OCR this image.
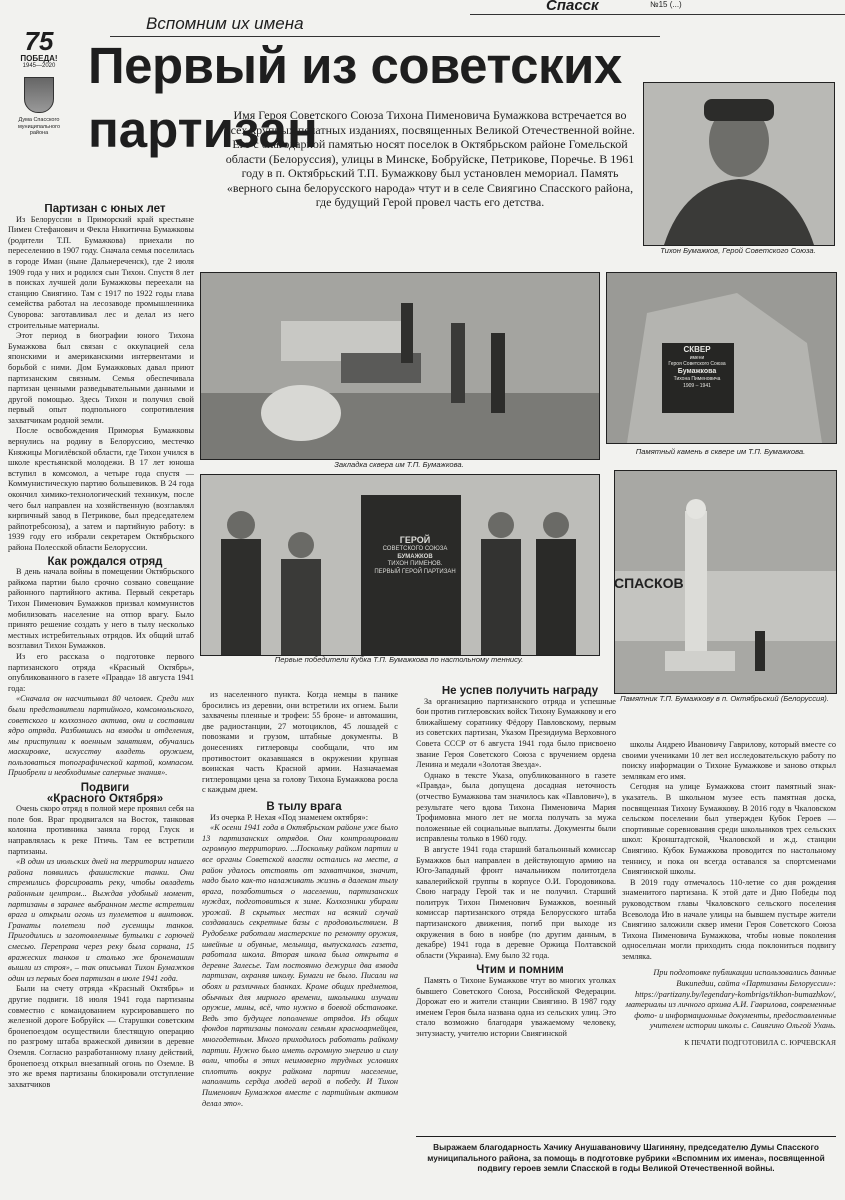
Спасск	№15 (...)
75
ПОБЕДА!
1945—2020
Дума Спасского муниципального района
Вспомним их имена
Первый из советских
партизан
Имя Героя Советского Союза Тихона Пименовича Бумажкова встречается во всех крупных печатных изданиях, посвященных Великой Отечественной войне. Его с благодарной памятью носят поселок в Октябрьском районе Гомельской области (Белоруссия), улицы в Минске, Бобруйске, Петрикове, Поречье. В 1961 году в п. Октябрьский Т.П. Бумажкову был установлен мемориал. Память «верного сына белорусского народа» чтут и в селе Свиягино Спасского района, где будущий Герой провел часть его детства.
Тихон Бумажков, Герой Советского Союза.

Партизан с юных лет

Из Белоруссии в Приморский край крестьяне Пимен Стефанович и Фекла Никитична Бумажковы (родители Т.П. Бумажкова) приехали по переселению в 1907 году. Сначала семья поселилась в городе Иман (ныне Дальнереченск), где 2 июля 1909 года у них и родился сын Тихон. Спустя 8 лет в поисках лучшей доли Бумажковы переехали на станцию Свиягино. Там с 1917 по 1922 годы глава семейства работал на лесозаводе промышленника Суворова: заготавливал лес и делал из него строительные материалы.

Этот период в биографии юного Тихона Бумажкова был связан с оккупацией села японскими и американскими интервентами и борьбой с ними. Дом Бумажковых давал приют партизанским связным. Семья обеспечивала партизан ценными разведывательными данными и другой помощью. Здесь Тихон и получил свой первый опыт подпольного сопротивления захватчикам родной земли.

После освобождения Приморья Бумажковы вернулись на родину в Белоруссию, местечко Княжицы Могилёвской области, где Тихон учился в школе крестьянской молодежи. В 17 лет юноша вступил в комсомол, а четыре года спустя — Коммунистическую партию большевиков. В 24 года окончил химико-технологический техникум, после чего был направлен на хозяйственную (возглавлял кирпичный завод в Петрикове, был председателем райпотребсоюза), а затем и партийную работу: в 1939 году его избрали секретарем Октябрьского района Полесской области Белоруссии.

Как рождался отряд

В день начала войны в помещении Октябрьского райкома партии было срочно созвано совещание районного партийного актива. Первый секретарь Тихон Пименович Бумажков призвал коммунистов мобилизовать население на отпор врагу. Было принято решение создать у него в тылу несколько местных истребительных отрядов. Их общий штаб возглавил Тихон Бумажков.

Из его рассказа о подготовке первого партизанского отряда «Красный Октябрь», опубликованного в газете «Правда» 18 августа 1941 года:

«Сначала он насчитывал 80 человек. Среди них были представители партийного, комсомольского, советского и колхозного актива, они и составили ядро отряда. Разбившись на взводы и отделения, мы приступили к военным занятиям, обучались маскировке, искусству владеть оружием, пользоваться топографической картой, компасом. Приобрели и необходимые саперные знания».

Подвиги

«Красного Октября»

Очень скоро отряд в полной мере проявил себя на поле боя. Враг продвигался на Восток, танковая колонна противника заняла город Глуск и направлялась к реке Птичь. Там ее встретили партизаны.

«В один из июльских дней на территории нашего района появились фашистские танки. Они стремились форсировать реку, чтобы овладеть районным центром... Выждав удобный момент, партизаны в заранее выбранном месте встретили врага и открыли огонь из пулеметов и винтовок. Гранаты полетели под гусеницы танков. Пригодились и заготовленные бутылки с горючей смесью. Переправа через реку была сорвана, 15 вражеских танков и столько же бронемашин вышли из строя», – так описывал Тихон Бумажков один из первых боев партизан в июле 1941 года.

Были на счету отряда «Красный Октябрь» и другие подвиги. 18 июля 1941 года партизаны совместно с командованием курсировавшего по железной дороге Бобруйск — Старушки советским бронепоездом осуществили блестящую операцию по разгрому штаба вражеской дивизии в деревне Оземля. Согласно разработанному плану действий, бронепоезд открыл внезапный огонь по Оземле. В это же время партизаны блокировали отступление захватчиков

Закладка сквера им Т.П. Бумажкова.
СКВЕР
имени
Героя Советского Союза
Бумажкова
Тихона Пименовича
1909 – 1941
Памятный камень в сквере им Т.П. Бумажкова.
ГЕРОЙ
СОВЕТСКОГО СОЮЗА
БУМАЖКОВ
ТИХОН ПИМЕНОВ.
ПЕРВЫЙ ГЕРОЙ ПАРТИЗАН
Первые победители Кубка Т.П. Бумажкова по настольному теннису.
СПАСКОВ
Памятник Т.П. Бумажкову в п. Октябрьский (Белоруссия).

из населенного пункта. Когда немцы в панике бросились из деревни, они встретили их огнем. Были захвачены пленные и трофеи: 55 броне- и автомашин, две радиостанции, 27 мотоциклов, 45 лошадей с повозками и грузом, штабные документы. В донесениях гитлеровцы сообщали, что им противостоит оказавшаяся в окружении крупная воинская часть Красной армии. Назначаемая гитлеровцами цена за голову Тихона Бумажкова росла с каждым днем.

В тылу врага

Из очерка Р. Нехая «Под знаменем октября»:

«К осени 1941 года в Октябрьском районе уже было 13 партизанских отрядов. Они контролировали огромную территорию. ...Поскольку райком партии и все органы Советской власти остались на месте, а район удалось отстоять от захватчиков, значит, надо было как-то налаживать жизнь в далеком тылу врага, позаботиться о населении, партизанских нуждах, подготовиться к зиме. Колхозники убирали урожай. В скрытых местах на всякий случай создавались секретные базы с продовольствием. В Рудобелке работали мастерские по ремонту оружия, швейные и обувные, мельница, выпускалась газета, работала школа. Вторая школа была открыта в деревне Залесье. Там постоянно дежурил два взвода партизан, охраняя школу. Бумаги не было. Писали на обоях и различных бланках. Кроме общих предметов, обычных для мирного времени, школьники изучали оружие, мины, всё, что нужно в боевой обстановке. Ведь это будущее пополнение отрядов. Из общих фондов партизаны помогали семьям красноармейцев, многодетным. Много приходилось работать райкому партии. Нужно было иметь огромную энергию и силу воли, чтобы в этих неимоверно трудных условиях сплотить вокруг райкома партии население, наполнить сердца людей верой в победу. И Тихон Пименович Бумажков вместе с партийным активом делал это».

Не успев получить награду

За организацию партизанского отряда и успешные бои против гитлеровских войск Тихону Бумажкову и его ближайшему соратнику Фёдору Павловскому, первым из советских партизан, Указом Президиума Верховного Совета СССР от 6 августа 1941 года было присвоено звание Героя Советского Союза с вручением ордена Ленина и медали «Золотая Звезда».

Однако в тексте Указа, опубликованного в газете «Правда», была допущена досадная неточность (отчество Бумажкова там значилось как «Павлович»), в результате чего вдова Тихона Пименовича Мария Трофимовна много лет не могла получать за мужа положенные ей социальные выплаты. Документы были исправлены только в 1960 году.

В августе 1941 года старший батальонный комиссар Бумажков был направлен в действующую армию на Юго-Западный фронт начальником политотдела кавалерийской группы в корпусе О.И. Городовикова. Свою награду Герой так и не получил. Старший политрук Тихон Пименович Бумажков, военный комиссар партизанского отряда Белорусского штаба партизанского движения, погиб при выходе из окружения в бою в ноябре (по другим данным, в декабре) 1941 года в деревне Оржица Полтавской области (Украина). Ему было 32 года.

Чтим и помним

Память о Тихоне Бумажкове чтут во многих уголках бывшего Советского Союза, Российской Федерации. Дорожат ею и жители станции Свиягино. В 1987 году именем Героя была названа одна из сельских улиц. Это стало возможно благодаря уважаемому человеку, энтузиасту, учителю истории Свиягинской

школы Андрею Ивановичу Гаврилову, который вместе со своими учениками 10 лет вел исследовательскую работу по поиску информации о Тихоне Бумажкове и заново открыл землякам его имя.

Сегодня на улице Бумажкова стоит памятный знак-указатель. В школьном музее есть памятная доска, посвященная Тихону Бумажкову. В 2016 году в Чкаловском сельском поселении был утвержден Кубок Героев — спортивные соревнования среди школьников трех сельских школ: Кронштадтской, Чкаловской и ж.д. станции Свиягино. Кубок Бумажкова проводится по настольному теннису, и пока он всегда оставался за спортсменами Свиягинской школы.

В 2019 году отмечалось 110-летие со дня рождения знаменитого партизана. К этой дате и Дню Победы под руководством главы Чкаловского сельского поселения Всеволода Ию в начале улицы на бывшем пустыре жители Свиягино заложили сквер имени Героя Советского Союза Тихона Пименовича Бумажкова, чтобы новые поколения односельчан могли приходить сюда поклониться подвигу земляка.

При подготовке публикации использовались данные Википедии, сайта «Партизаны Белоруссии»: https://partizany.by/legendary-kombrigs/tikhon-bumazhkov/, материалы из личного архива А.И. Гаврилова, современные фото- и информационные документы, предоставленные учителем истории школы с. Свиягино Ольгой Ухань.

К ПЕЧАТИ ПОДГОТОВИЛА С. ЮРЧЕВСКАЯ

Выражаем благодарность Хачику Анушавановичу Шагиняну, председателю Думы Спасского муниципального района, за помощь в подготовке рубрики «Вспомним их имена», посвященной подвигу героев земли Спасской в годы Великой Отечественной войны.
